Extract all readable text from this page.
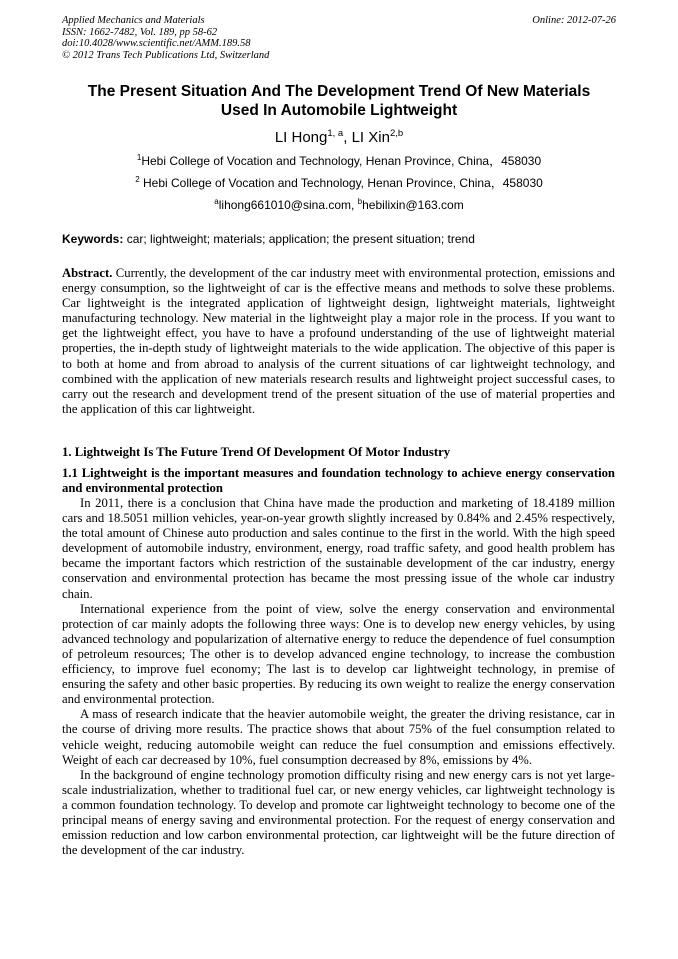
Applied Mechanics and Materials
ISSN: 1662-7482, Vol. 189, pp 58-62
doi:10.4028/www.scientific.net/AMM.189.58
© 2012 Trans Tech Publications Ltd, Switzerland
Online: 2012-07-26
The Present Situation And The Development Trend Of New Materials
Used In Automobile Lightweight
LI Hong$^{1, a}$, LI Xin$^{2,b}$
$^1$Hebi College of Vocation and Technology, Henan Province, China，458030
$^2$ Hebi College of Vocation and Technology, Henan Province, China，458030
$^a$lihong661010@sina.com, $^b$hebilixin@163.com
Keywords: car; lightweight; materials; application; the present situation; trend

Abstract. Currently, the development of the car industry meet with environmental protection, emissions and energy consumption, so the lightweight of car is the effective means and methods to solve these problems. Car lightweight is the integrated application of lightweight design, lightweight materials, lightweight manufacturing technology. New material in the lightweight play a major role in the process. If you want to get the lightweight effect, you have to have a profound understanding of the use of lightweight material properties, the in-depth study of lightweight materials to the wide application. The objective of this paper is to both at home and from abroad to analysis of the current situations of car lightweight technology, and combined with the application of new materials research results and lightweight project successful cases, to carry out the research and development trend of the present situation of the use of material properties and the application of this car lightweight.

1. Lightweight Is The Future Trend Of Development Of Motor Industry
1.1 Lightweight is the important measures and foundation technology to achieve energy conservation and environmental protection

In 2011, there is a conclusion that China have made the production and marketing of 18.4189 million cars and 18.5051 million vehicles, year-on-year growth slightly increased by 0.84% and 2.45% respectively, the total amount of Chinese auto production and sales continue to the first in the world. With the high speed development of automobile industry, environment, energy, road traffic safety, and good health problem has became the important factors which restriction of the sustainable development of the car industry, energy conservation and environmental protection has became the most pressing issue of the whole car industry chain.

International experience from the point of view, solve the energy conservation and environmental protection of car mainly adopts the following three ways: One is to develop new energy vehicles, by using advanced technology and popularization of alternative energy to reduce the dependence of fuel consumption of petroleum resources; The other is to develop advanced engine technology, to increase the combustion efficiency, to improve fuel economy; The last is to develop car lightweight technology, in premise of ensuring the safety and other basic properties. By reducing its own weight to realize the energy conservation and environmental protection.

A mass of research indicate that the heavier automobile weight, the greater the driving resistance, car in the course of driving more results. The practice shows that about 75% of the fuel consumption related to vehicle weight, reducing automobile weight can reduce the fuel consumption and emissions effectively. Weight of each car decreased by 10%, fuel consumption decreased by 8%, emissions by 4%.

In the background of engine technology promotion difficulty rising and new energy cars is not yet large-scale industrialization, whether to traditional fuel car, or new energy vehicles, car lightweight technology is a common foundation technology. To develop and promote car lightweight technology to become one of the principal means of energy saving and environmental protection. For the request of energy conservation and emission reduction and low carbon environmental protection, car lightweight will be the future direction of the development of the car industry.
